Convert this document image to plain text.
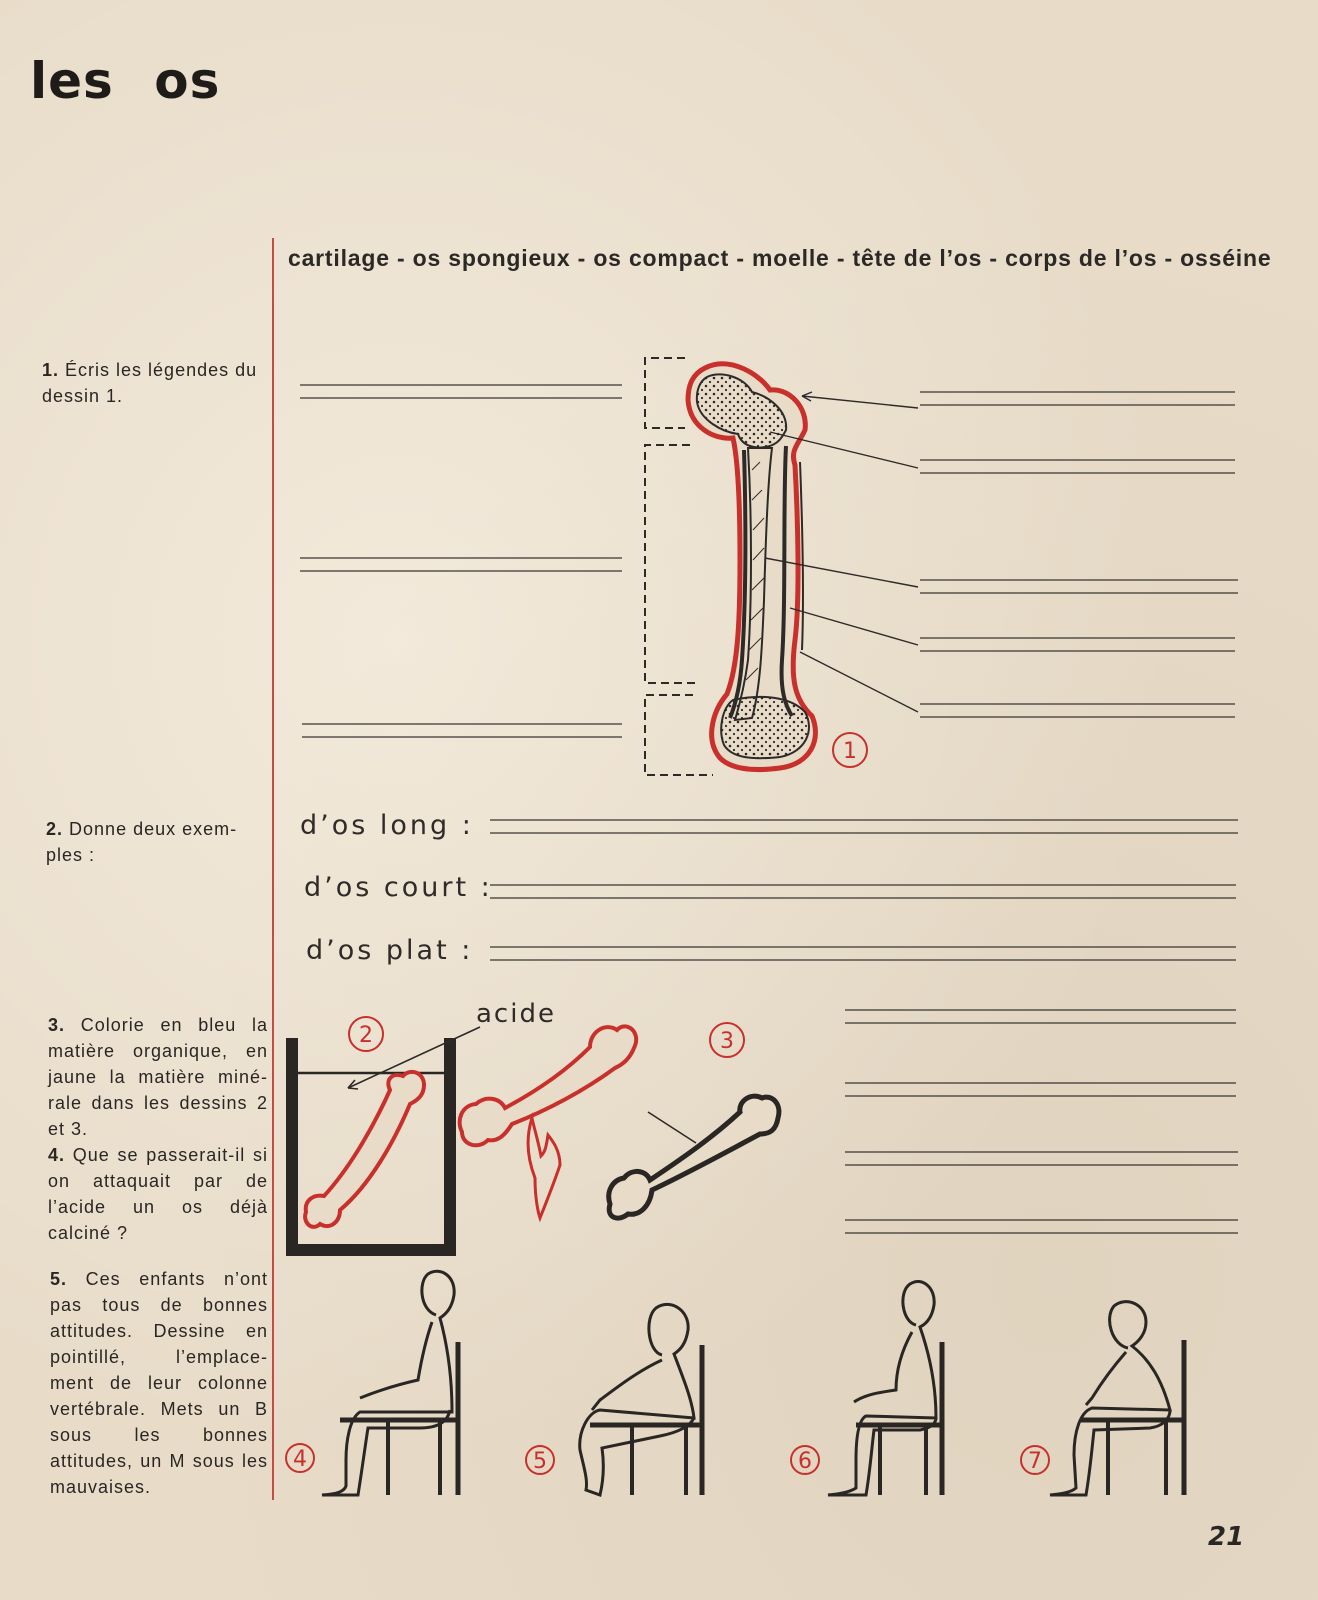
les os

cartilage - os spongieux - os compact - moelle - tête de l’os - corps de l’os - osséine

1. Écris les légendes du dessin 1.

2. Donne deux exem-ples :

3. Colorie en bleu la matière organique, en jaune la matière miné-rale dans les dessins 2 et 3.

4. Que se passerait-il si on attaquait par de l’acide un os déjà calciné ?

5. Ces enfants n’ont pas tous de bonnes attitudes. Dessine en pointillé, l’emplace-ment de leur colonne vertébrale. Mets un B sous les bonnes attitudes, un M sous les mauvaises.

d’os long :

d’os court :

d’os plat :

1
acide
2	3
4	5	6	7

21
